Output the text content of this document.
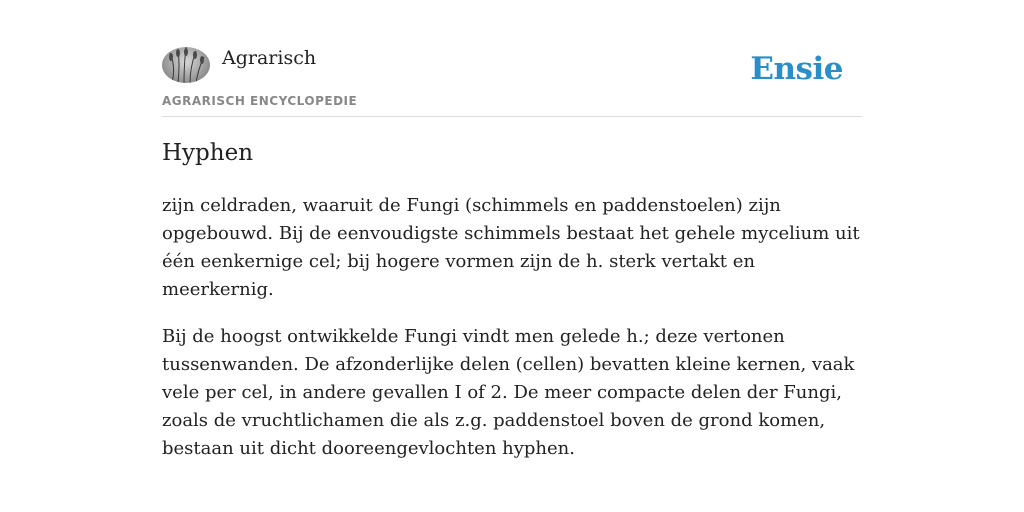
Agrarisch
AGRARISCH ENCYCLOPEDIE
Ensie
Hyphen

zijn celdraden, waaruit de Fungi (schimmels en paddenstoelen) zijn opgebouwd. Bij de eenvoudigste schimmels bestaat het gehele mycelium uit één eenkernige cel; bij hogere vormen zijn de h. sterk vertakt en meerkernig.

Bij de hoogst ontwikkelde Fungi vindt men gelede h.; deze vertonen tussenwanden. De afzonderlijke delen (cellen) bevatten kleine kernen, vaak vele per cel, in andere gevallen I of 2. De meer compacte delen der Fungi, zoals de vruchtlichamen die als z.g. paddenstoel boven de grond komen, bestaan uit dicht dooreengevlochten hyphen.
